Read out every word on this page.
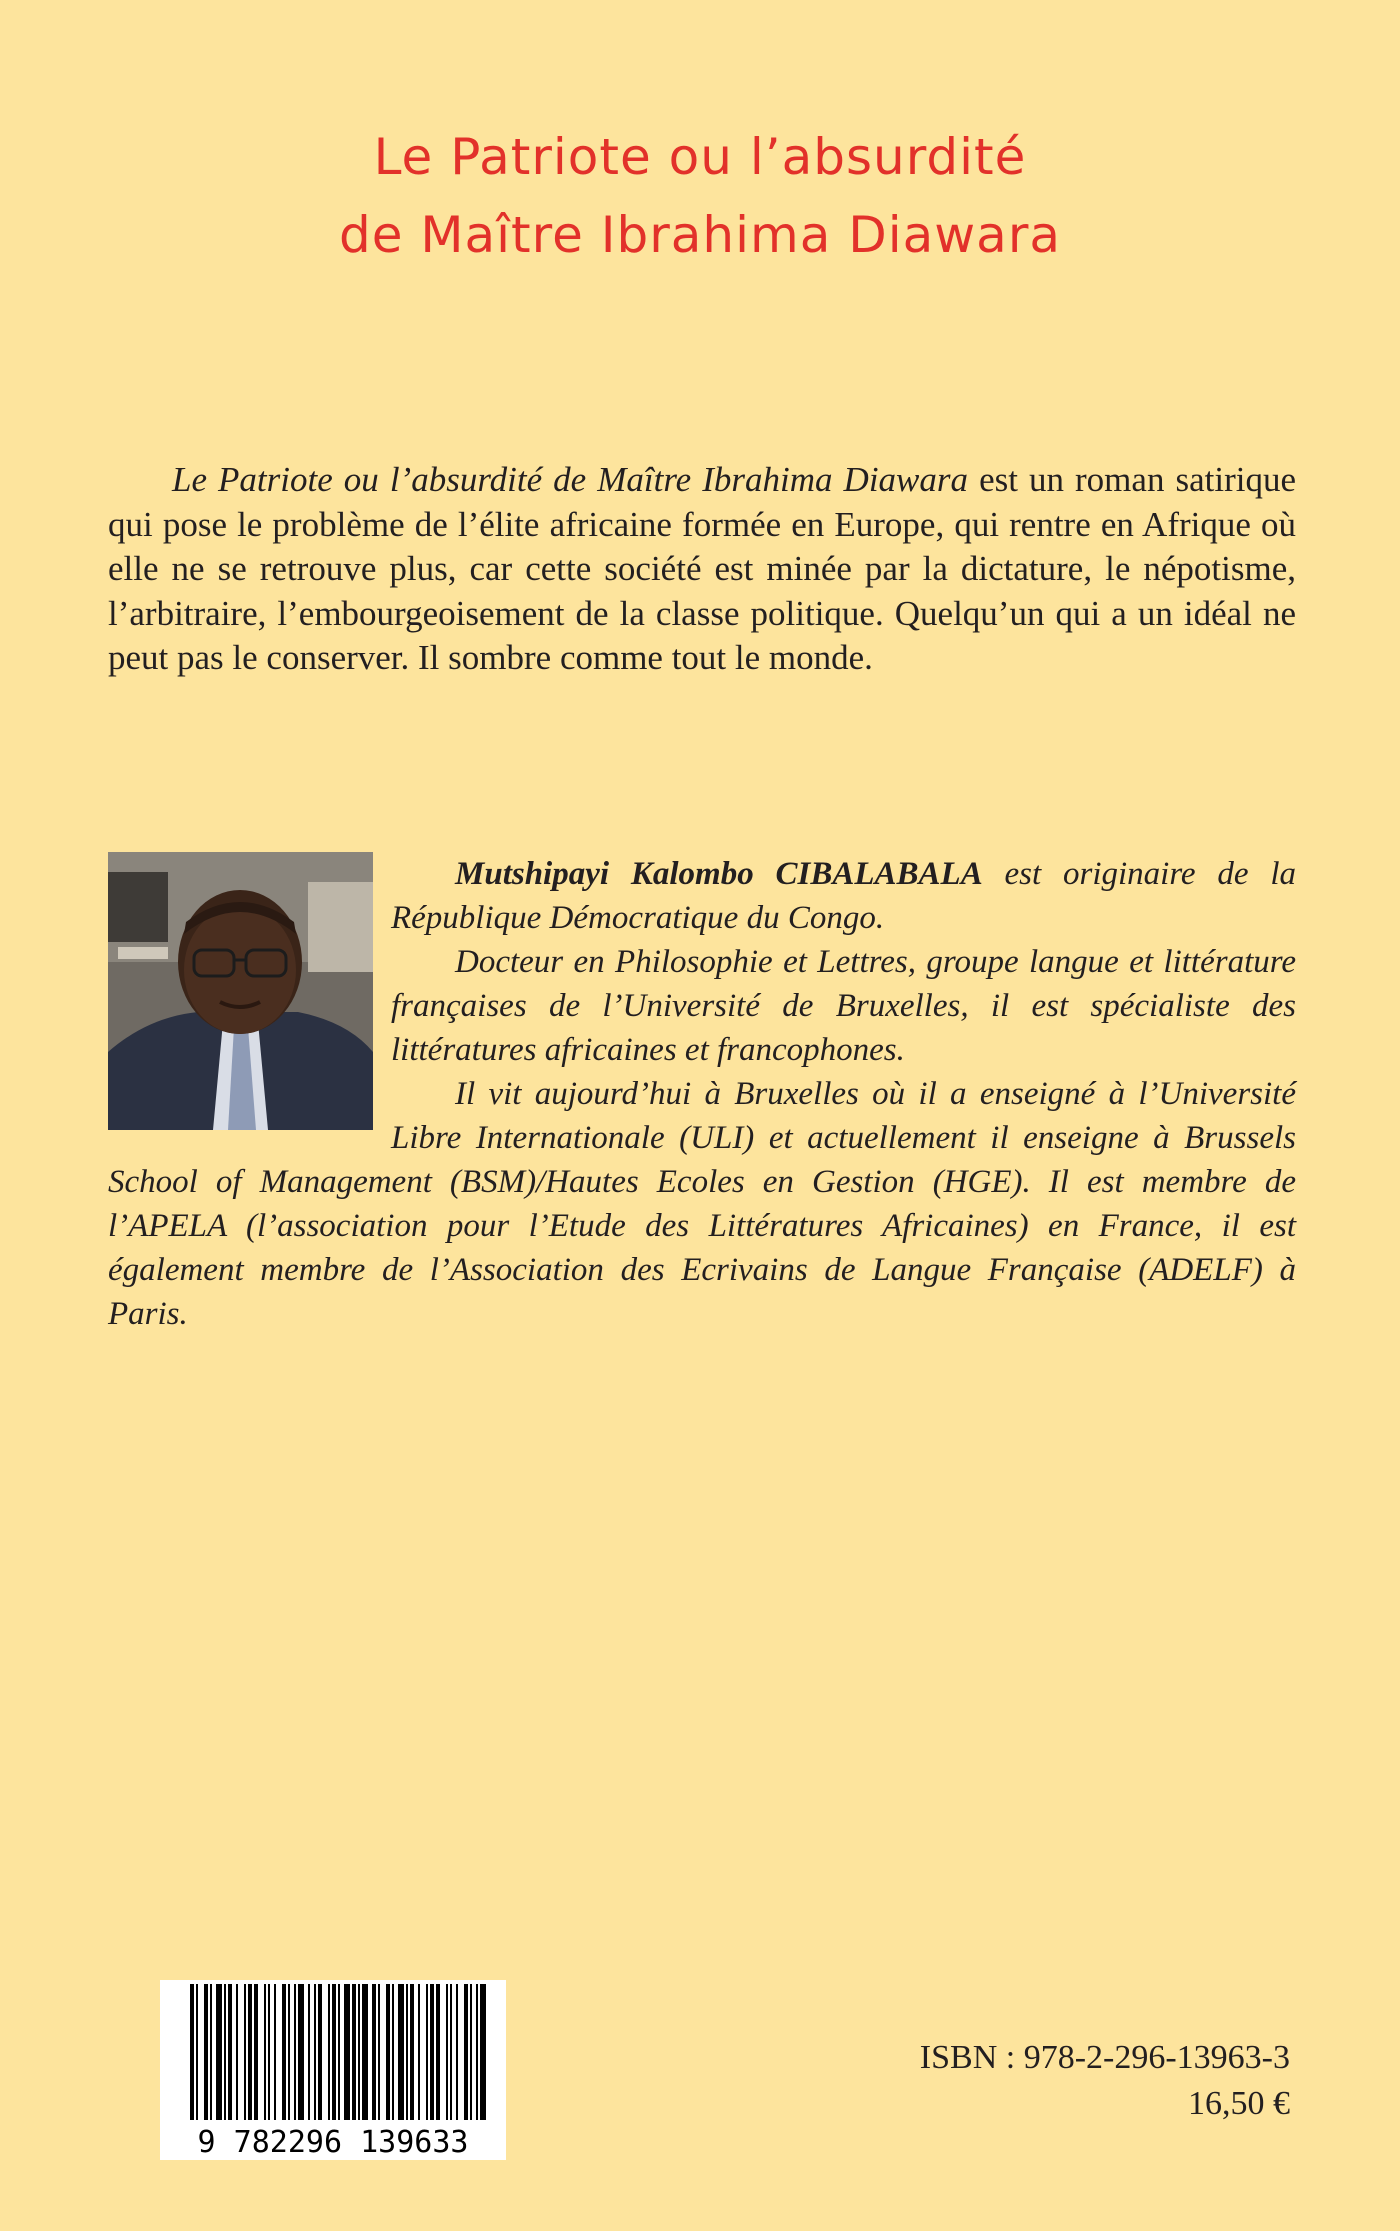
Le Patriote ou l’absurdité
de Maître Ibrahima Diawara

Le Patriote ou l’absurdité de Maître Ibrahima Diawara est un roman satirique qui pose le problème de l’élite africaine formée en Europe, qui rentre en Afrique où elle ne se retrouve plus, car cette société est minée par la dictature, le népotisme, l’arbitraire, l’embourgeoisement de la classe politique. Quelqu’un qui a un idéal ne peut pas le conserver. Il sombre comme tout le monde.

Mutshipayi Kalombo CIBALABALA est originaire de la République Démocratique du Congo.

Docteur en Philosophie et Lettres, groupe langue et littérature françaises de l’Université de Bruxelles, il est spécialiste des littératures africaines et francophones.

Il vit aujourd’hui à Bruxelles où il a enseigné à l’Université Libre Internationale (ULI) et actuellement il enseigne à Brussels School of Management (BSM)/Hautes Ecoles en Gestion (HGE). Il est membre de l’APELA (l’association pour l’Etude des Littératures Africaines) en France, il est également membre de l’Association des Ecrivains de Langue Française (ADELF) à Paris.

9 782296 139633
ISBN : 978-2-296-13963-3
16,50 €
